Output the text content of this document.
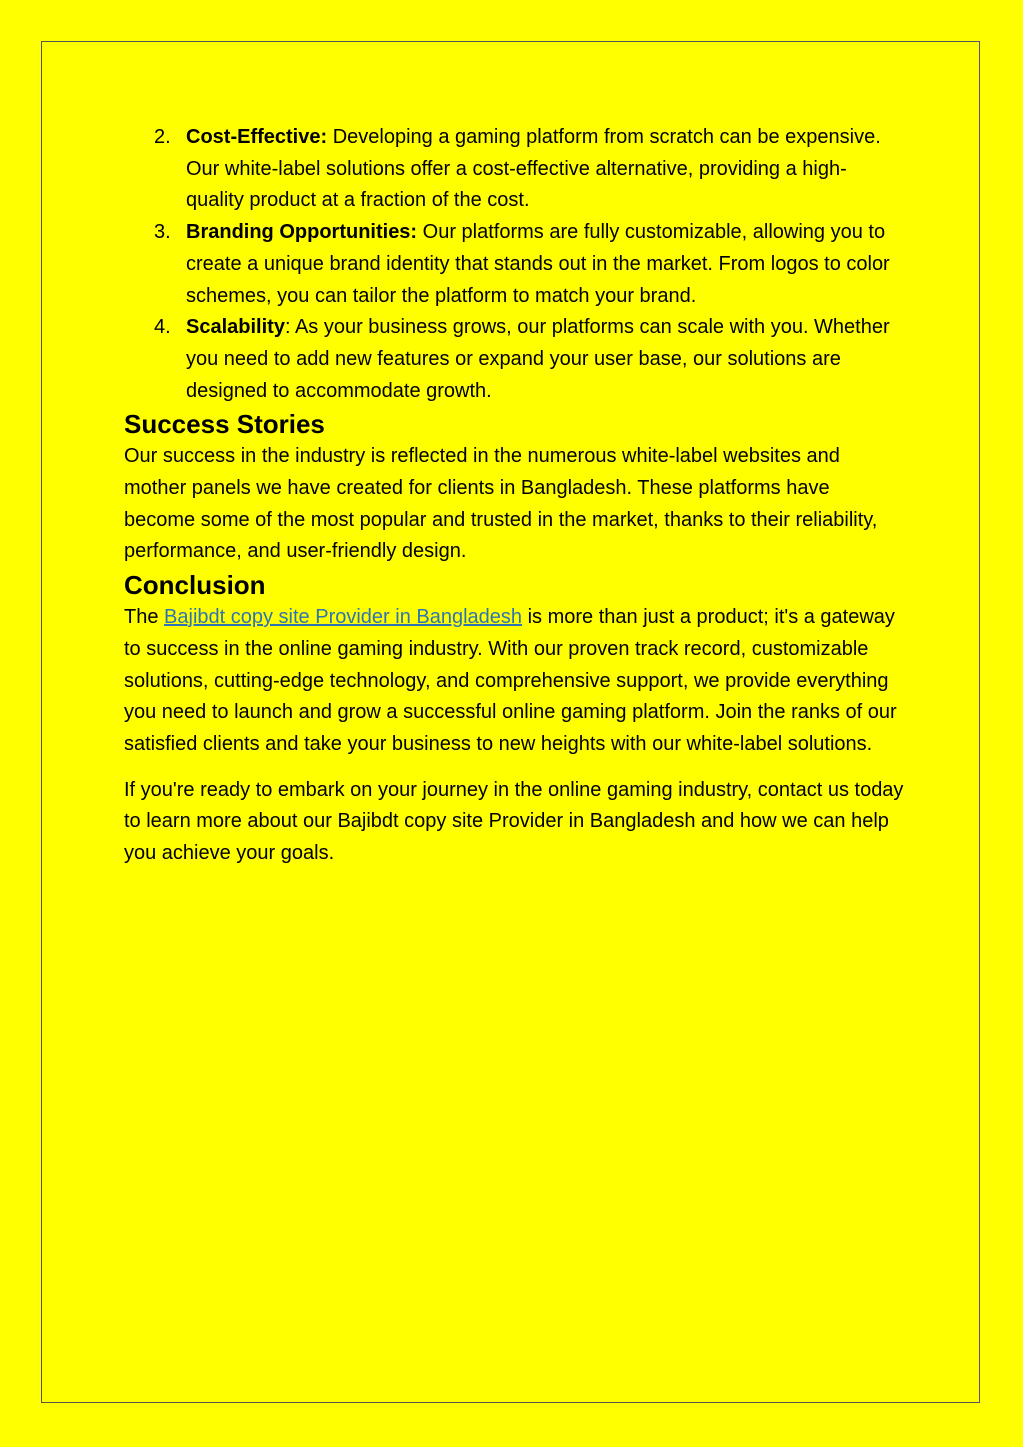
2. Cost-Effective: Developing a gaming platform from scratch can be expensive. Our white-label solutions offer a cost-effective alternative, providing a high-quality product at a fraction of the cost.
3. Branding Opportunities: Our platforms are fully customizable, allowing you to create a unique brand identity that stands out in the market. From logos to color schemes, you can tailor the platform to match your brand.
4. Scalability: As your business grows, our platforms can scale with you. Whether you need to add new features or expand your user base, our solutions are designed to accommodate growth.
Success Stories

Our success in the industry is reflected in the numerous white-label websites and mother panels we have created for clients in Bangladesh. These platforms have become some of the most popular and trusted in the market, thanks to their reliability, performance, and user-friendly design.

Conclusion

The Bajibdt copy site Provider in Bangladesh is more than just a product; it's a gateway to success in the online gaming industry. With our proven track record, customizable solutions, cutting-edge technology, and comprehensive support, we provide everything you need to launch and grow a successful online gaming platform. Join the ranks of our satisfied clients and take your business to new heights with our white-label solutions.

If you're ready to embark on your journey in the online gaming industry, contact us today to learn more about our Bajibdt copy site Provider in Bangladesh and how we can help you achieve your goals.
